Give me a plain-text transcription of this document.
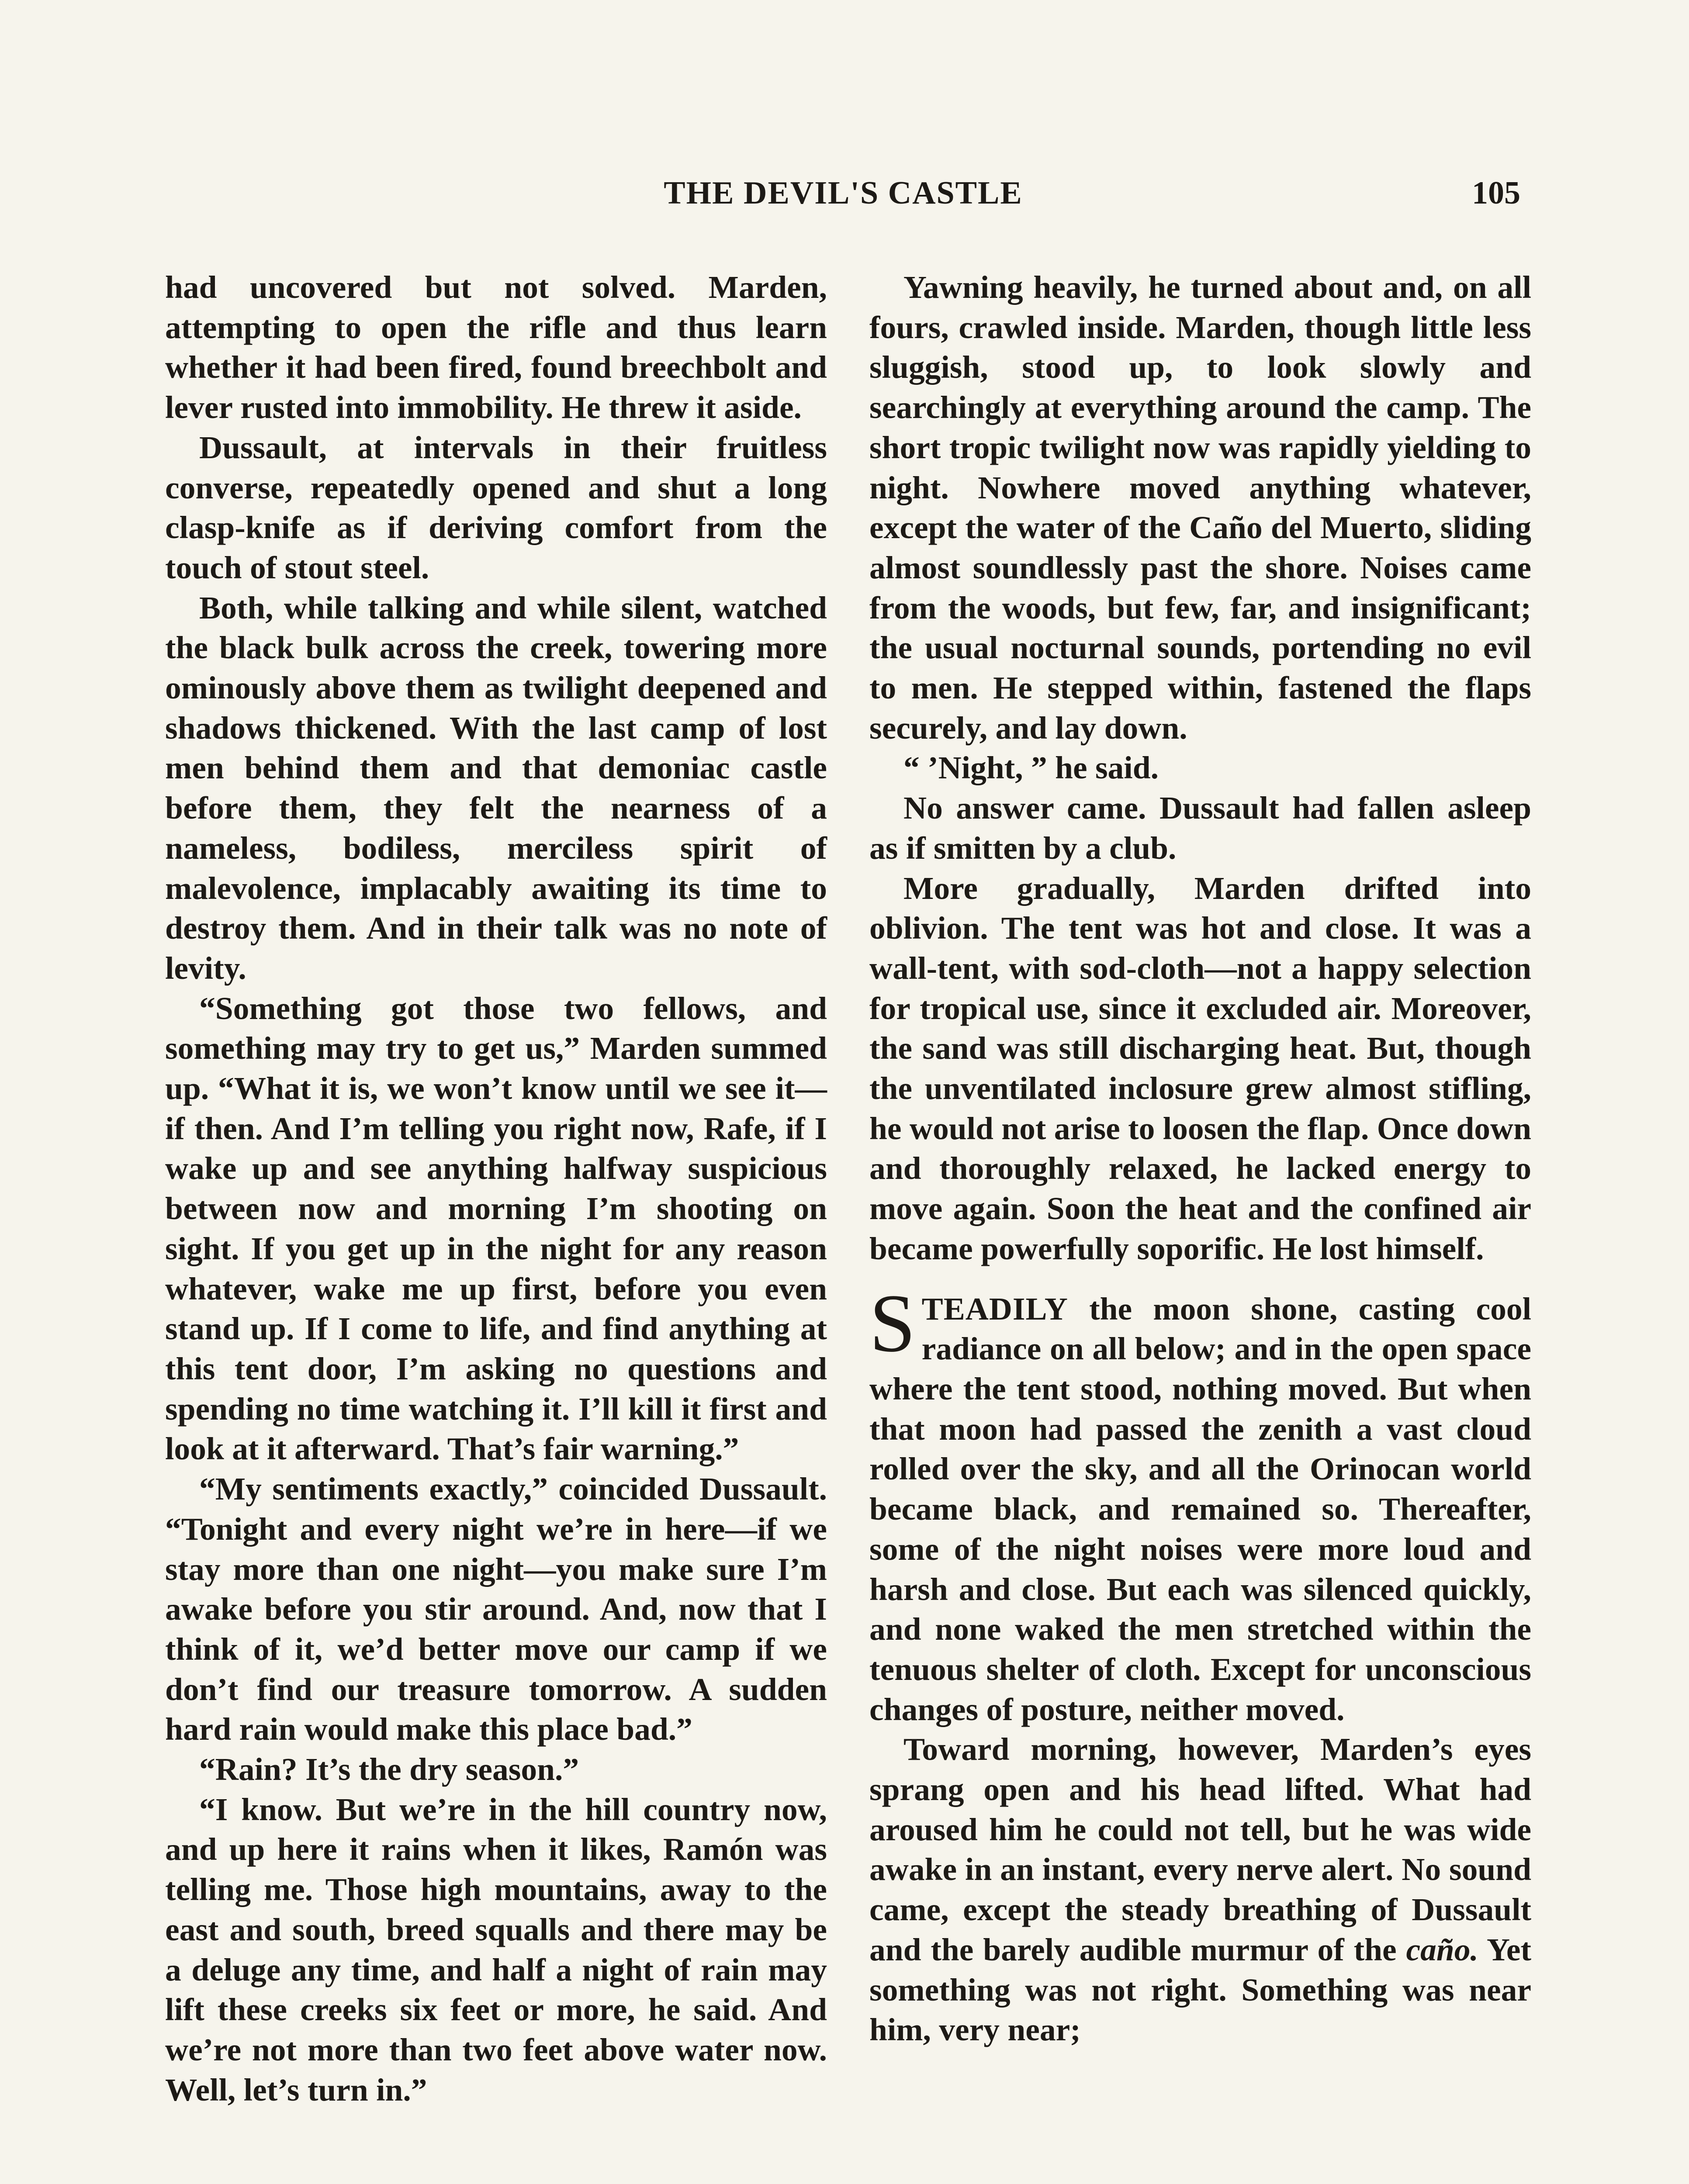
THE DEVIL'S CASTLE	105

had uncovered but not solved. Marden, attempting to open the rifle and thus learn whether it had been fired, found breechbolt and lever rusted into immobility. He threw it aside.

Dussault, at intervals in their fruitless converse, repeatedly opened and shut a long clasp-knife as if deriving comfort from the touch of stout steel.

Both, while talking and while silent, watched the black bulk across the creek, towering more ominously above them as twilight deepened and shadows thickened. With the last camp of lost men behind them and that demoniac castle before them, they felt the nearness of a nameless, bodiless, merciless spirit of malevolence, implacably awaiting its time to destroy them. And in their talk was no note of levity.

“Something got those two fellows, and something may try to get us,” Marden summed up. “What it is, we won’t know until we see it—if then. And I’m telling you right now, Rafe, if I wake up and see anything halfway suspicious between now and morning I’m shooting on sight. If you get up in the night for any reason whatever, wake me up first, before you even stand up. If I come to life, and find anything at this tent door, I’m asking no questions and spending no time watching it. I’ll kill it first and look at it afterward. That’s fair warning.”

“My sentiments exactly,” coincided Dussault. “Tonight and every night we’re in here—if we stay more than one night—you make sure I’m awake before you stir around. And, now that I think of it, we’d better move our camp if we don’t find our treasure tomorrow. A sudden hard rain would make this place bad.”

“Rain? It’s the dry season.”

“I know. But we’re in the hill country now, and up here it rains when it likes, Ramón was telling me. Those high mountains, away to the east and south, breed squalls and there may be a deluge any time, and half a night of rain may lift these creeks six feet or more, he said. And we’re not more than two feet above water now. Well, let’s turn in.”

Yawning heavily, he turned about and, on all fours, crawled inside. Marden, though little less sluggish, stood up, to look slowly and searchingly at everything around the camp. The short tropic twilight now was rapidly yielding to night. Nowhere moved anything whatever, except the water of the Caño del Muerto, sliding almost soundlessly past the shore. Noises came from the woods, but few, far, and insignificant; the usual nocturnal sounds, portending no evil to men. He stepped within, fastened the flaps securely, and lay down.

“ ’Night, ” he said.

No answer came. Dussault had fallen asleep as if smitten by a club.

More gradually, Marden drifted into oblivion. The tent was hot and close. It was a wall-tent, with sod-cloth—not a happy selection for tropical use, since it excluded air. Moreover, the sand was still discharging heat. But, though the unventilated inclosure grew almost stifling, he would not arise to loosen the flap. Once down and thoroughly relaxed, he lacked energy to move again. Soon the heat and the confined air became powerfully soporific. He lost himself.

STEADILY the moon shone, casting cool radiance on all below; and in the open space where the tent stood, nothing moved. But when that moon had passed the zenith a vast cloud rolled over the sky, and all the Orinocan world became black, and remained so. Thereafter, some of the night noises were more loud and harsh and close. But each was silenced quickly, and none waked the men stretched within the tenuous shelter of cloth. Except for unconscious changes of posture, neither moved.

Toward morning, however, Marden’s eyes sprang open and his head lifted. What had aroused him he could not tell, but he was wide awake in an instant, every nerve alert. No sound came, except the steady breathing of Dussault and the barely audible murmur of the caño. Yet something was not right. Something was near him, very near;
